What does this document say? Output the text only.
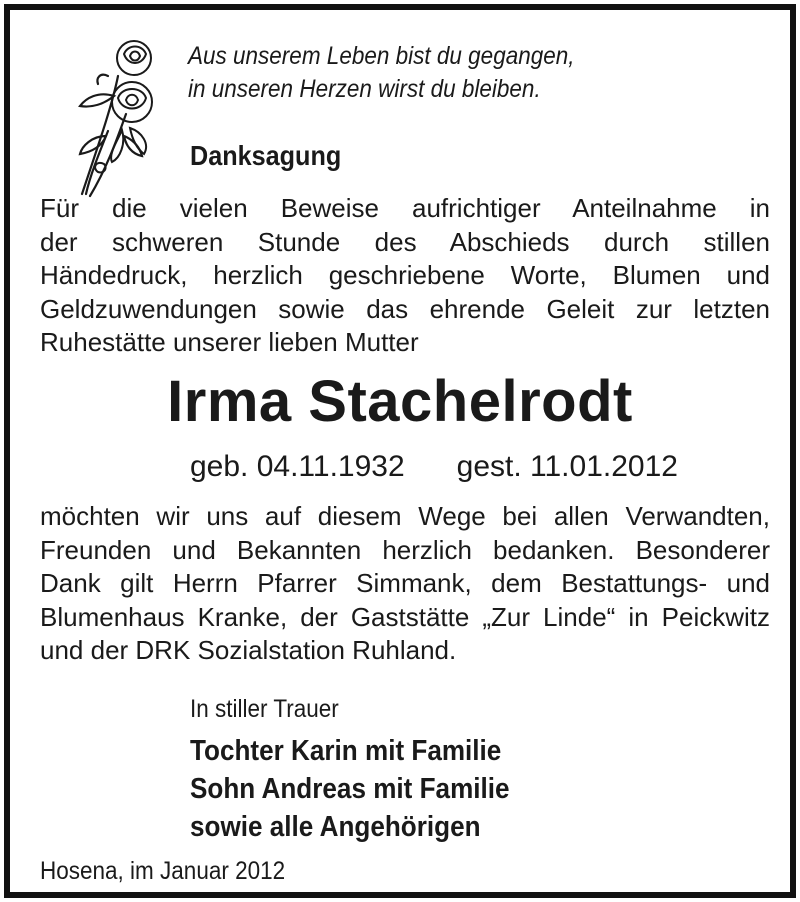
Aus unserem Leben bist du gegangen,
in unseren Herzen wirst du bleiben.
Danksagung
Für die vielen Beweise aufrichtiger Anteilnahme in
der schweren Stunde des Abschieds durch stillen
Händedruck, herzlich geschriebene Worte, Blumen und
Geldzuwendungen sowie das ehrende Geleit zur letzten
Ruhestätte unserer lieben Mutter
Irma Stachelrodt
geb. 04.11.1932 gest. 11.01.2012
möchten wir uns auf diesem Wege bei allen Verwandten,
Freunden und Bekannten herzlich bedanken. Besonderer
Dank gilt Herrn Pfarrer Simmank, dem Bestattungs- und
Blumenhaus Kranke, der Gaststätte „Zur Linde“ in Peickwitz
und der DRK Sozialstation Ruhland.
In stiller Trauer
Tochter Karin mit Familie
Sohn Andreas mit Familie
sowie alle Angehörigen
Hosena, im Januar 2012
